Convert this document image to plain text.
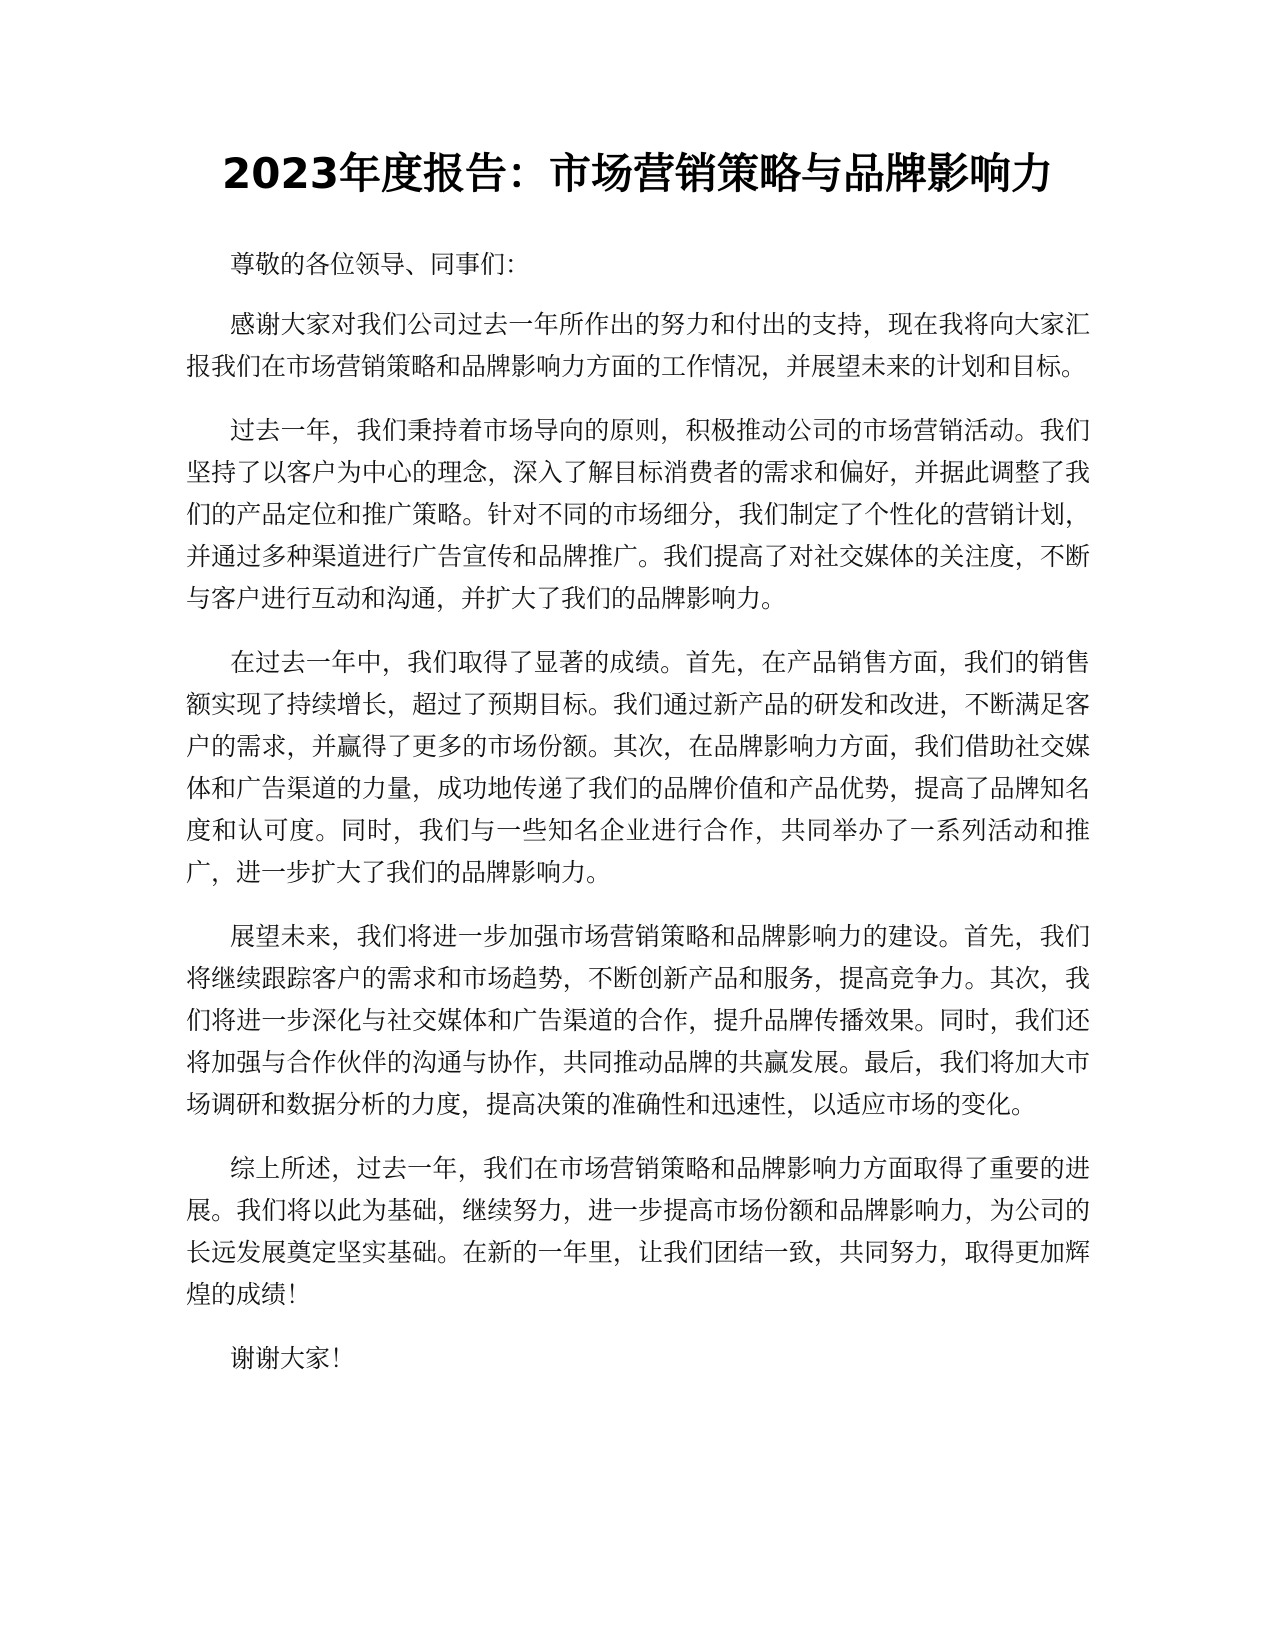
2023年度报告：市场营销策略与品牌影响力

尊敬的各位领导、同事们：

感谢大家对我们公司过去一年所作出的努力和付出的支持，现在我将向大家汇报我们在市场营销策略和品牌影响力方面的工作情况，并展望未来的计划和目标。

过去一年，我们秉持着市场导向的原则，积极推动公司的市场营销活动。我们坚持了以客户为中心的理念，深入了解目标消费者的需求和偏好，并据此调整了我们的产品定位和推广策略。针对不同的市场细分，我们制定了个性化的营销计划，并通过多种渠道进行广告宣传和品牌推广。我们提高了对社交媒体的关注度，不断与客户进行互动和沟通，并扩大了我们的品牌影响力。

在过去一年中，我们取得了显著的成绩。首先，在产品销售方面，我们的销售额实现了持续增长，超过了预期目标。我们通过新产品的研发和改进，不断满足客户的需求，并赢得了更多的市场份额。其次，在品牌影响力方面，我们借助社交媒体和广告渠道的力量，成功地传递了我们的品牌价值和产品优势，提高了品牌知名度和认可度。同时，我们与一些知名企业进行合作，共同举办了一系列活动和推广，进一步扩大了我们的品牌影响力。

展望未来，我们将进一步加强市场营销策略和品牌影响力的建设。首先，我们将继续跟踪客户的需求和市场趋势，不断创新产品和服务，提高竞争力。其次，我们将进一步深化与社交媒体和广告渠道的合作，提升品牌传播效果。同时，我们还将加强与合作伙伴的沟通与协作，共同推动品牌的共赢发展。最后，我们将加大市场调研和数据分析的力度，提高决策的准确性和迅速性，以适应市场的变化。

综上所述，过去一年，我们在市场营销策略和品牌影响力方面取得了重要的进展。我们将以此为基础，继续努力，进一步提高市场份额和品牌影响力，为公司的长远发展奠定坚实基础。在新的一年里，让我们团结一致，共同努力，取得更加辉煌的成绩！

谢谢大家！
